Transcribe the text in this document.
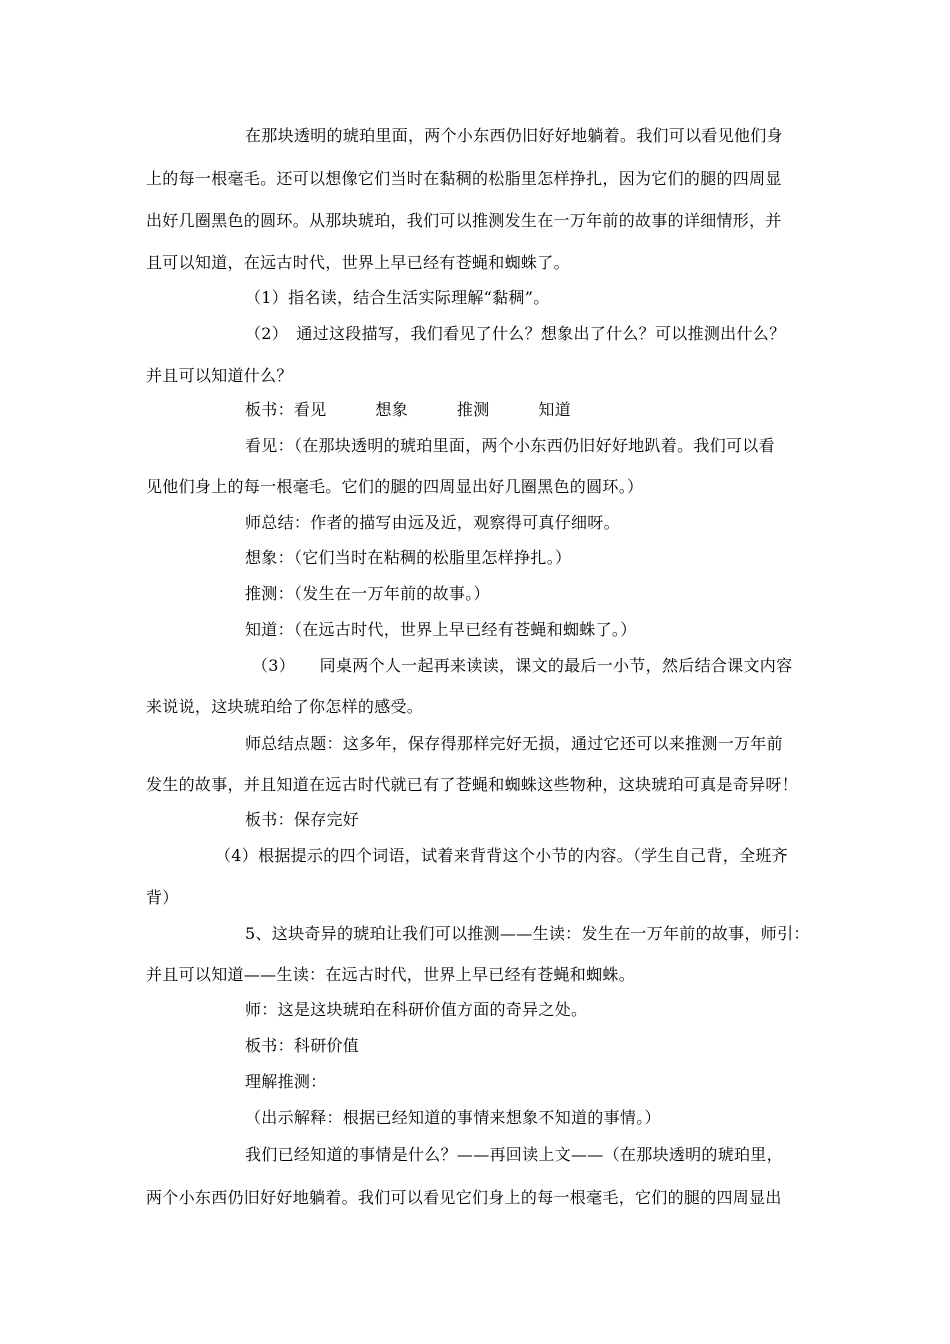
在那块透明的琥珀里面，两个小东西仍旧好好地躺着。我们可以看见他们身
上的每一根毫毛。还可以想像它们当时在黏稠的松脂里怎样挣扎，因为它们的腿的四周显
出好几圈黑色的圆环。从那块琥珀，我们可以推测发生在一万年前的故事的详细情形，并
且可以知道，在远古时代，世界上早已经有苍蝇和蜘蛛了。
（1）指名读，结合生活实际理解“黏稠”。
（2）　通过这段描写，我们看见了什么？想象出了什么？可以推测出什么？
并且可以知道什么？
板书：看见　　　想象　　　推测　　　知道
看见：（在那块透明的琥珀里面，两个小东西仍旧好好地趴着。我们可以看
见他们身上的每一根毫毛。它们的腿的四周显出好几圈黑色的圆环。）
师总结：作者的描写由远及近，观察得可真仔细呀。
想象：（它们当时在粘稠的松脂里怎样挣扎。）
推测：（发生在一万年前的故事。）
知道：（在远古时代，世界上早已经有苍蝇和蜘蛛了。）
（3）　　同桌两个人一起再来读读，课文的最后一小节，然后结合课文内容
来说说，这块琥珀给了你怎样的感受。
师总结点题：这多年，保存得那样完好无损，通过它还可以来推测一万年前
发生的故事，并且知道在远古时代就已有了苍蝇和蜘蛛这些物种，这块琥珀可真是奇异呀！
板书：保存完好
（4）根据提示的四个词语，试着来背背这个小节的内容。（学生自己背，全班齐
背）
5、这块奇异的琥珀让我们可以推测——生读：发生在一万年前的故事，师引：
并且可以知道——生读：在远古时代，世界上早已经有苍蝇和蜘蛛。
师：这是这块琥珀在科研价值方面的奇异之处。
板书：科研价值
理解推测：
（出示解释：根据已经知道的事情来想象不知道的事情。）
我们已经知道的事情是什么？——再回读上文——（在那块透明的琥珀里，
两个小东西仍旧好好地躺着。我们可以看见它们身上的每一根毫毛，它们的腿的四周显出
